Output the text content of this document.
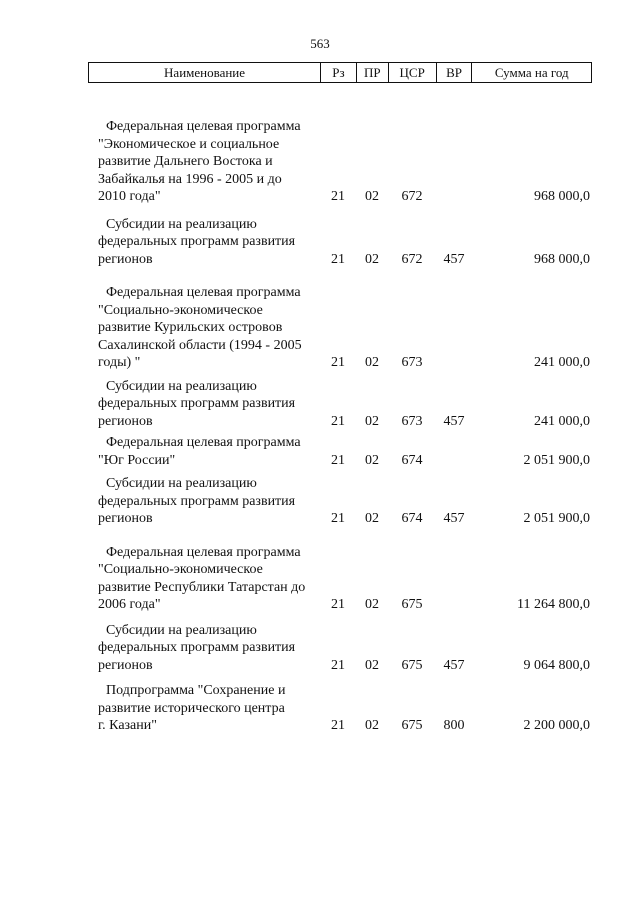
563
Наименование	Рз	ПР	ЦСР	ВР	Сумма на год
Федеральная целевая программа
"Экономическое и социальное
развитие Дальнего Востока и
Забайкалья на 1996 - 2005 и до
2010 года"	21	02	672	968 000,0
Субсидии на реализацию
федеральных программ развития
регионов	21	02	672	457	968 000,0
Федеральная целевая программа
"Социально-экономическое
развитие Курильских островов
Сахалинской области (1994 - 2005
годы) "	21	02	673	241 000,0
Субсидии на реализацию
федеральных программ развития
регионов	21	02	673	457	241 000,0
Федеральная целевая программа
"Юг России"	21	02	674	2 051 900,0
Субсидии на реализацию
федеральных программ развития
регионов	21	02	674	457	2 051 900,0
Федеральная целевая программа
"Социально-экономическое
развитие Республики Татарстан до
2006 года"	21	02	675	11 264 800,0
Субсидии на реализацию
федеральных программ развития
регионов	21	02	675	457	9 064 800,0
Подпрограмма "Сохранение и
развитие исторического центра
г. Казани"	21	02	675	800	2 200 000,0
